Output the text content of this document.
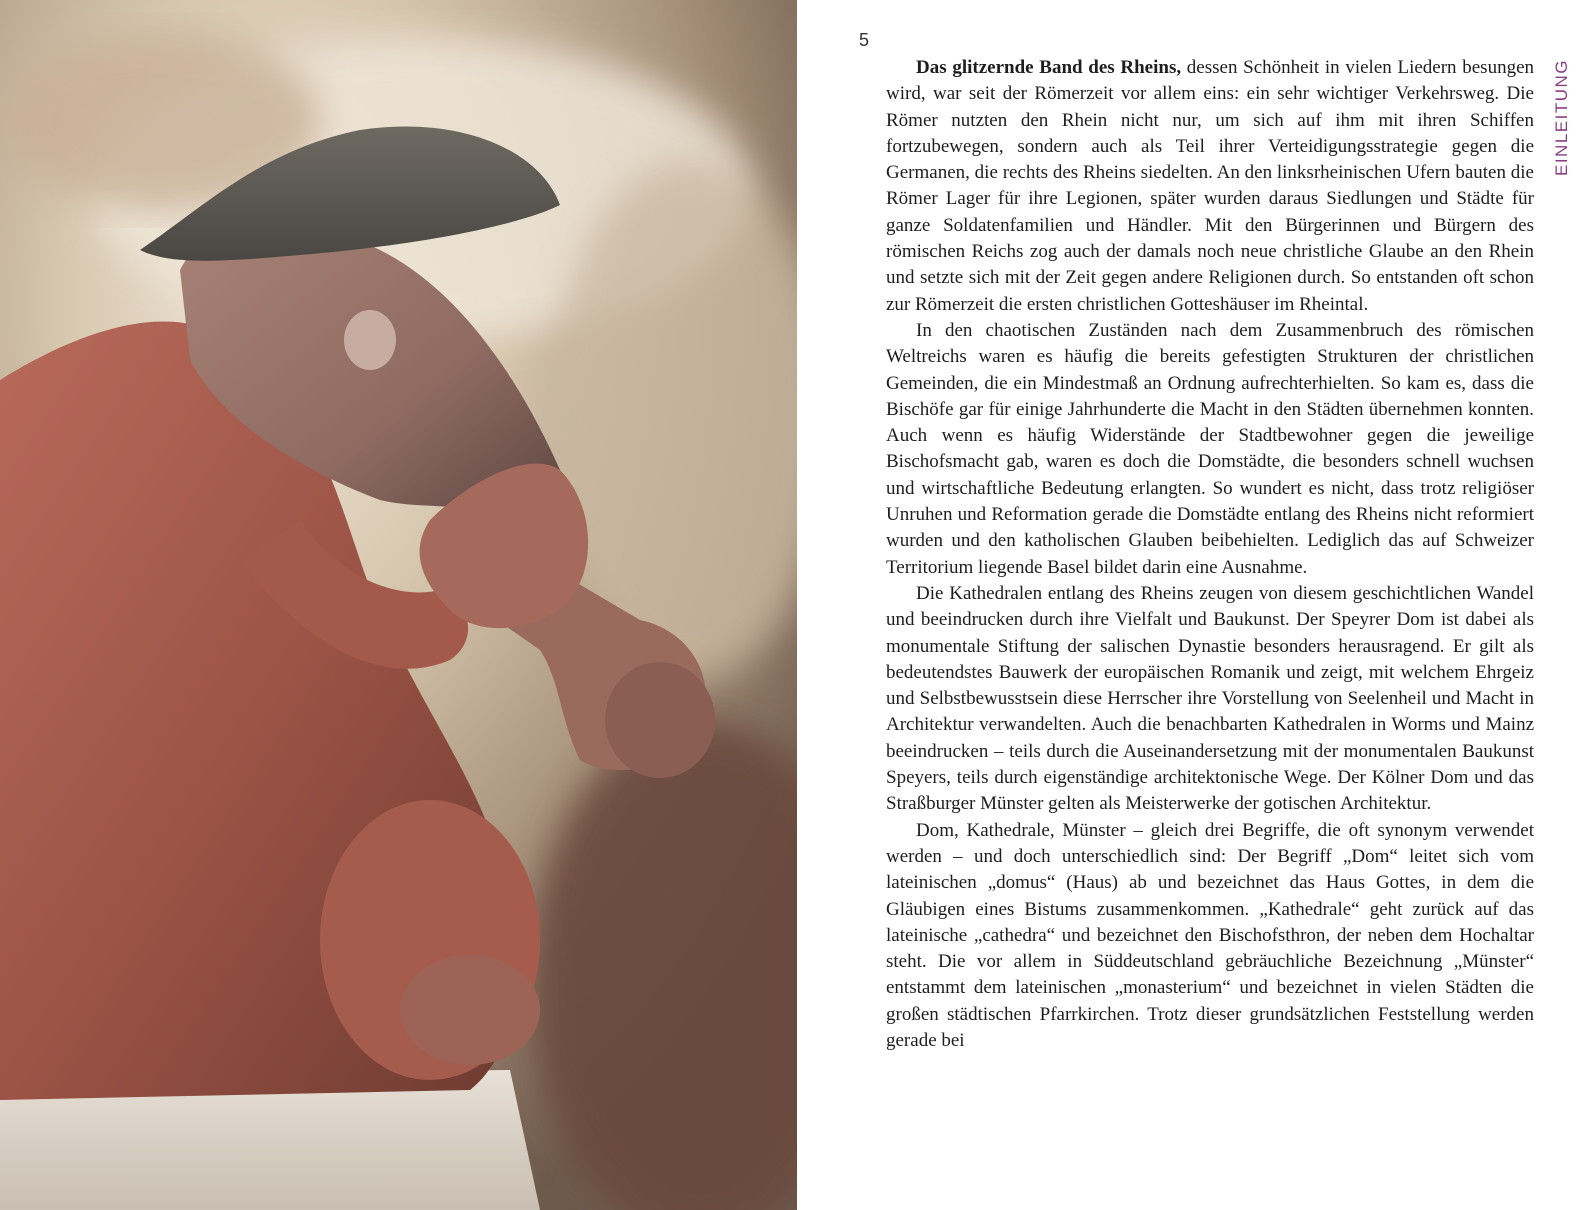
5
EINLEITUNG

Das glitzernde Band des Rheins, dessen Schönheit in vielen Liedern besungen wird, war seit der Römerzeit vor allem eins: ein sehr wichtiger Verkehrsweg. Die Römer nutzten den Rhein nicht nur, um sich auf ihm mit ihren Schiffen fortzubewegen, sondern auch als Teil ihrer Verteidigungsstrategie gegen die Germanen, die rechts des Rheins siedelten. An den linksrheinischen Ufern bauten die Römer Lager für ihre Legionen, später wurden daraus Siedlungen und Städte für ganze Soldatenfamilien und Händler. Mit den Bürgerinnen und Bürgern des römischen Reichs zog auch der damals noch neue christliche Glaube an den Rhein und setzte sich mit der Zeit gegen andere Religionen durch. So entstanden oft schon zur Römerzeit die ersten christlichen Gotteshäuser im Rheintal.

In den chaotischen Zuständen nach dem Zusammenbruch des römischen Weltreichs waren es häufig die bereits gefestigten Strukturen der christlichen Gemeinden, die ein Mindestmaß an Ordnung aufrechterhielten. So kam es, dass die Bischöfe gar für einige Jahrhunderte die Macht in den Städten übernehmen konnten. Auch wenn es häufig Widerstände der Stadtbewohner gegen die jeweilige Bischofsmacht gab, waren es doch die Domstädte, die besonders schnell wuchsen und wirtschaftliche Bedeutung erlangten. So wundert es nicht, dass trotz religiöser Unruhen und Reformation gerade die Domstädte entlang des Rheins nicht reformiert wurden und den katholischen Glauben beibehielten. Lediglich das auf Schweizer Territorium liegende Basel bildet darin eine Ausnahme.

Die Kathedralen entlang des Rheins zeugen von diesem geschichtlichen Wandel und beeindrucken durch ihre Vielfalt und Baukunst. Der Speyrer Dom ist dabei als monumentale Stiftung der salischen Dynastie besonders herausragend. Er gilt als bedeutendstes Bauwerk der europäischen Romanik und zeigt, mit welchem Ehrgeiz und Selbstbewusstsein diese Herrscher ihre Vorstellung von Seelenheil und Macht in Architektur verwandelten. Auch die benachbarten Kathedralen in Worms und Mainz beeindrucken – teils durch die Auseinandersetzung mit der monumentalen Baukunst Speyers, teils durch eigenständige architektonische Wege. Der Kölner Dom und das Straßburger Münster gelten als Meisterwerke der gotischen Architektur.

Dom, Kathedrale, Münster – gleich drei Begriffe, die oft synonym verwendet werden – und doch unterschiedlich sind: Der Begriff „Dom“ leitet sich vom lateinischen „domus“ (Haus) ab und bezeichnet das Haus Gottes, in dem die Gläubigen eines Bistums zusammenkommen. „Kathedrale“ geht zurück auf das lateinische „cathedra“ und bezeichnet den Bischofsthron, der neben dem Hochaltar steht. Die vor allem in Süddeutschland gebräuchliche Bezeichnung „Münster“ entstammt dem lateinischen „monasterium“ und bezeichnet in vielen Städten die großen städtischen Pfarrkirchen. Trotz dieser grundsätzlichen Feststellung werden gerade bei
